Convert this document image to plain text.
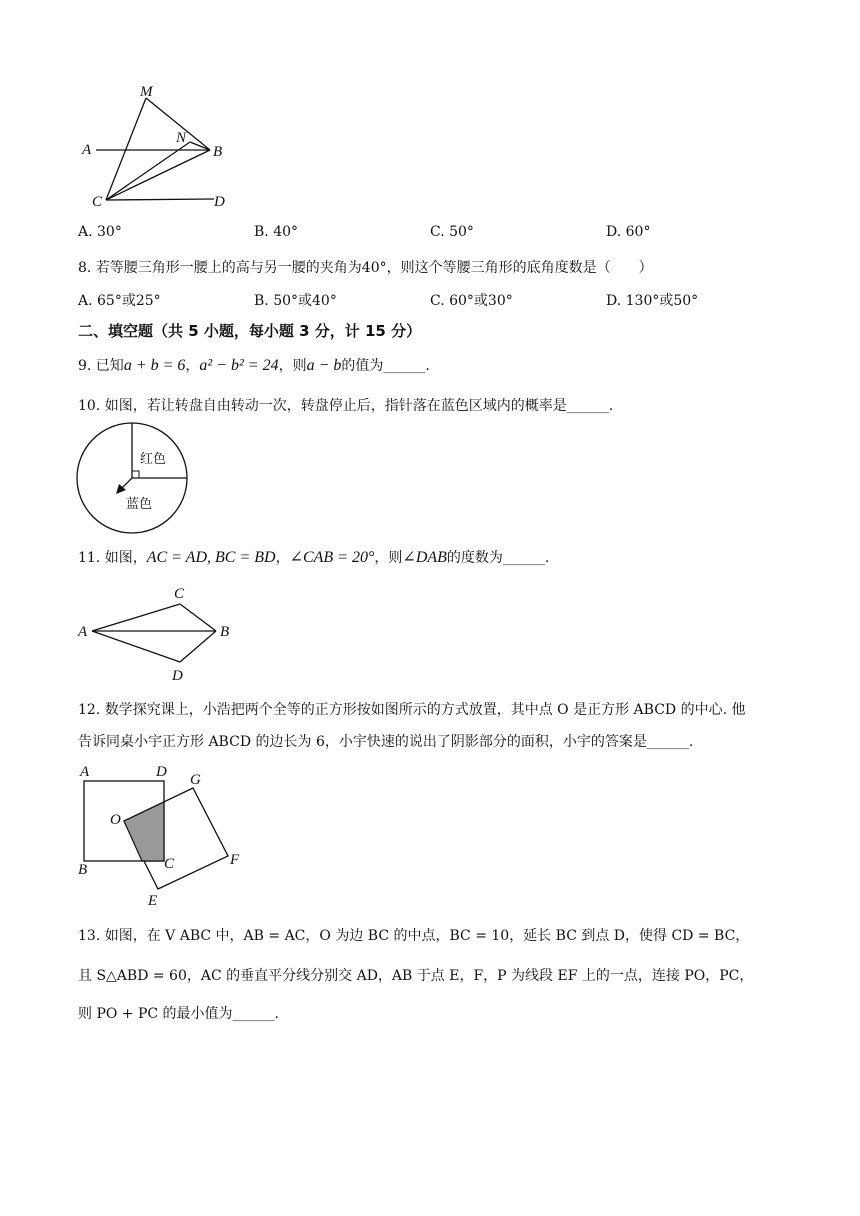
M
N
A	B
C	D
A. 30°	B. 40°	C. 50°	D. 60°
8. 若等腰三角形一腰上的高与另一腰的夹角为40°，则这个等腰三角形的底角度数是（　　）
A. 65°或25°	B. 50°或40°	C. 60°或30°	D. 130°或50°
二、填空题（共 5 小题，每小题 3 分，计 15 分）
9. 已知a + b = 6，a² − b² = 24，则a − b的值为______.
10. 如图，若让转盘自由转动一次，转盘停止后，指针落在蓝色区域内的概率是______.
红色
蓝色
11. 如图，AC = AD, BC = BD，∠CAB = 20°，则∠DAB的度数为______.
A	B
C
D
12. 数学探究课上，小浩把两个全等的正方形按如图所示的方式放置，其中点 O 是正方形 ABCD 的中心. 他
告诉同桌小宇正方形 ABCD 的边长为 6，小宇快速的说出了阴影部分的面积，小宇的答案是______.
A	D G
O
B	C	F
E
13. 如图，在 V ABC 中，AB = AC，O 为边 BC 的中点，BC = 10，延长 BC 到点 D，使得 CD = BC，
且 S△ABD = 60，AC 的垂直平分线分别交 AD，AB 于点 E，F，P 为线段 EF 上的一点，连接 PO，PC，
则 PO + PC 的最小值为______.
